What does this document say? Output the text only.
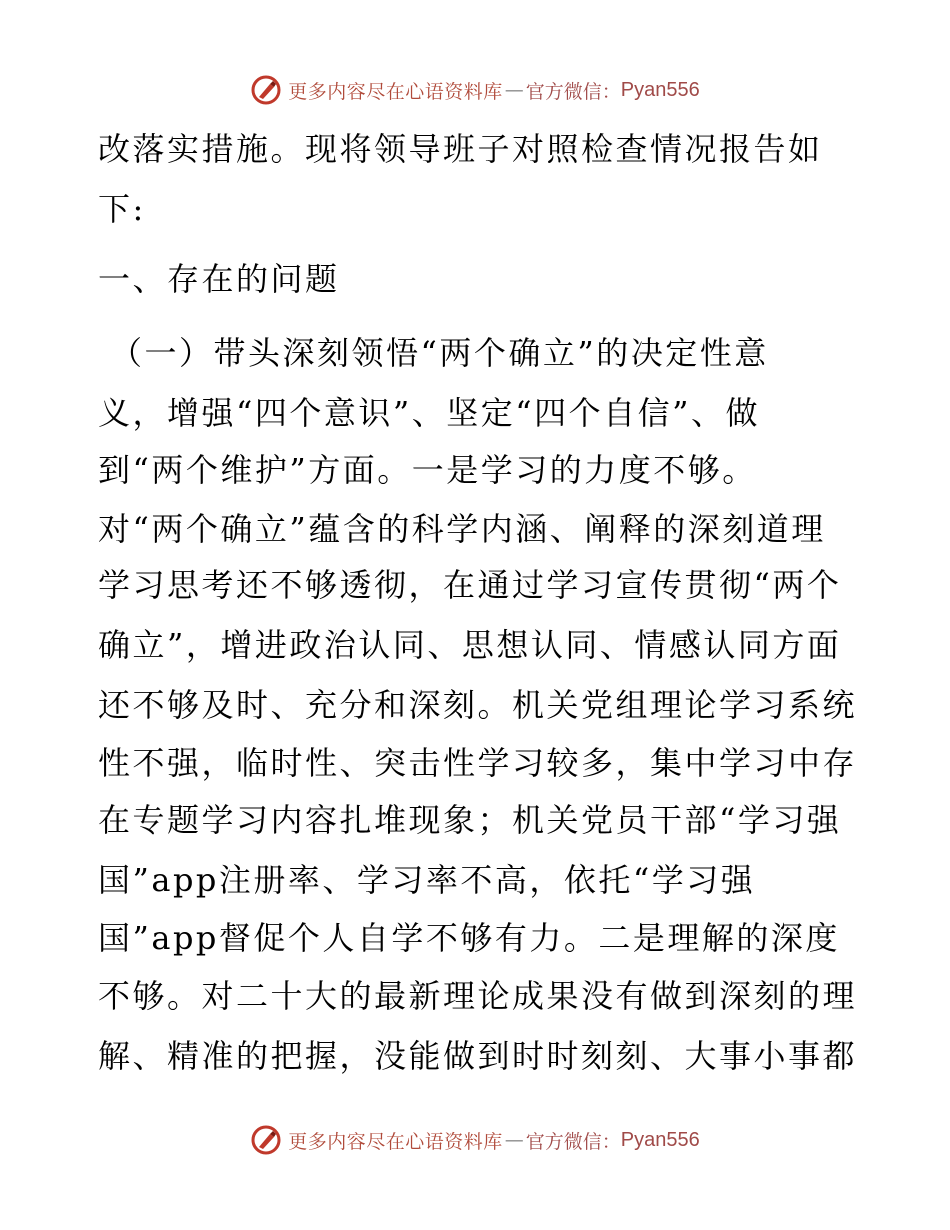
更多内容尽在心语资料库 — 官方微信： Pyan556
改落实措施。现将领导班子对照检查情况报告如
下:
一、存在的问题
（一）带头深刻领悟“两个确立”的决定性意
义，增强“四个意识”、坚定“四个自信”、做
到“两个维护”方面。一是学习的力度不够。
对“两个确立”蕴含的科学内涵、阐释的深刻道理
学习思考还不够透彻，在通过学习宣传贯彻“两个
确立”，增进政治认同、思想认同、情感认同方面
还不够及时、充分和深刻。机关党组理论学习系统
性不强，临时性、突击性学习较多，集中学习中存
在专题学习内容扎堆现象；机关党员干部“学习强
国”app注册率、学习率不高，依托“学习强
国”app督促个人自学不够有力。二是理解的深度
不够。对二十大的最新理论成果没有做到深刻的理
解、精准的把握，没能做到时时刻刻、大事小事都
更多内容尽在心语资料库 — 官方微信： Pyan556
